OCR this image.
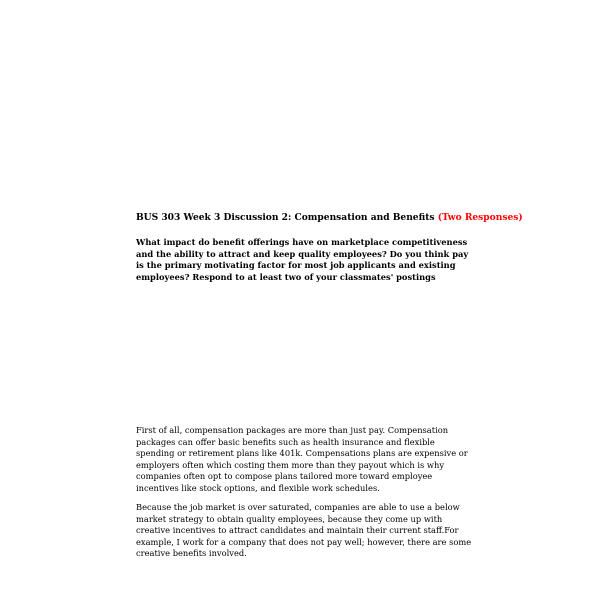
BUS 303 Week 3 Discussion 2: Compensation and Benefits (Two Responses)
What impact do benefit offerings have on marketplace competitiveness and the ability to attract and keep quality employees? Do you think pay is the primary motivating factor for most job applicants and existing employees? Respond to at least two of your classmates' postings
First of all, compensation packages are more than just pay. Compensation packages can offer basic benefits such as health insurance and flexible spending or retirement plans like 401k. Compensations plans are expensive or employers often which costing them more than they payout which is why companies often opt to compose plans tailored more toward employee incentives like stock options, and flexible work schedules.
Because the job market is over saturated, companies are able to use a below market strategy to obtain quality employees, because they come up with creative incentives to attract candidates and maintain their current staff.For example, I work for a company that does not pay well; however, there are some creative benefits involved.
